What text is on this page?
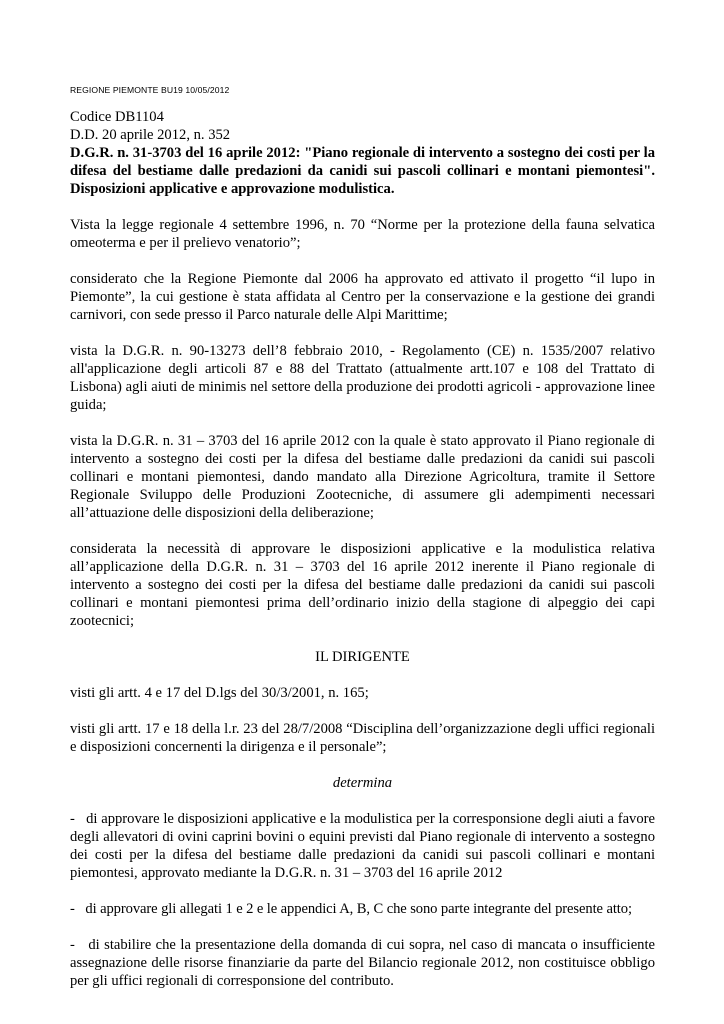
REGIONE PIEMONTE BU19 10/05/2012
Codice DB1104
D.D. 20 aprile 2012, n. 352

D.G.R. n. 31-3703 del 16 aprile 2012: "Piano regionale di intervento a sostegno dei costi per la difesa del bestiame dalle predazioni da canidi sui pascoli collinari e montani piemontesi". Disposizioni applicative e approvazione modulistica.

Vista la legge regionale 4 settembre 1996, n. 70 “Norme per la protezione della fauna selvatica omeoterma e per il prelievo venatorio”;

considerato che la Regione Piemonte dal 2006 ha approvato ed attivato il progetto “il lupo in Piemonte”, la cui gestione è stata affidata al Centro per la conservazione e la gestione dei grandi carnivori, con sede presso il Parco naturale delle Alpi Marittime;

vista la D.G.R. n. 90-13273 dell’8 febbraio 2010, - Regolamento (CE) n. 1535/2007 relativo all'applicazione degli articoli 87 e 88 del Trattato (attualmente artt.107 e 108 del Trattato di Lisbona) agli aiuti de minimis nel settore della produzione dei prodotti agricoli - approvazione linee guida;

vista la D.G.R. n. 31 – 3703 del 16 aprile 2012 con la quale è stato approvato il Piano regionale di intervento a sostegno dei costi per la difesa del bestiame dalle predazioni da canidi sui pascoli collinari e montani piemontesi, dando mandato alla Direzione Agricoltura, tramite il Settore Regionale Sviluppo delle Produzioni Zootecniche, di assumere gli adempimenti necessari all’attuazione delle disposizioni della deliberazione;

considerata la necessità di approvare le disposizioni applicative e la modulistica relativa all’applicazione della D.G.R. n. 31 – 3703 del 16 aprile 2012 inerente il Piano regionale di intervento a sostegno dei costi per la difesa del bestiame dalle predazioni da canidi sui pascoli collinari e montani piemontesi prima dell’ordinario inizio della stagione di alpeggio dei capi zootecnici;

IL DIRIGENTE

visti gli artt. 4 e 17 del D.lgs del 30/3/2001, n. 165;

visti gli artt. 17 e 18 della l.r. 23 del 28/7/2008 “Disciplina dell’organizzazione degli uffici regionali e disposizioni concernenti la dirigenza e il personale”;

determina

-   di approvare le disposizioni applicative e la modulistica per la corresponsione degli aiuti a favore degli allevatori di ovini caprini bovini o equini previsti dal Piano regionale di intervento a sostegno dei costi per la difesa del bestiame dalle predazioni da canidi sui pascoli collinari e montani piemontesi, approvato mediante la D.G.R. n. 31 – 3703 del 16 aprile 2012

-   di approvare gli allegati 1 e 2 e le appendici A, B, C che sono parte integrante del presente atto;

-   di stabilire che la presentazione della domanda di cui sopra, nel caso di mancata o insufficiente assegnazione delle risorse finanziarie da parte del Bilancio regionale 2012, non costituisce obbligo per gli uffici regionali di corresponsione del contributo.
